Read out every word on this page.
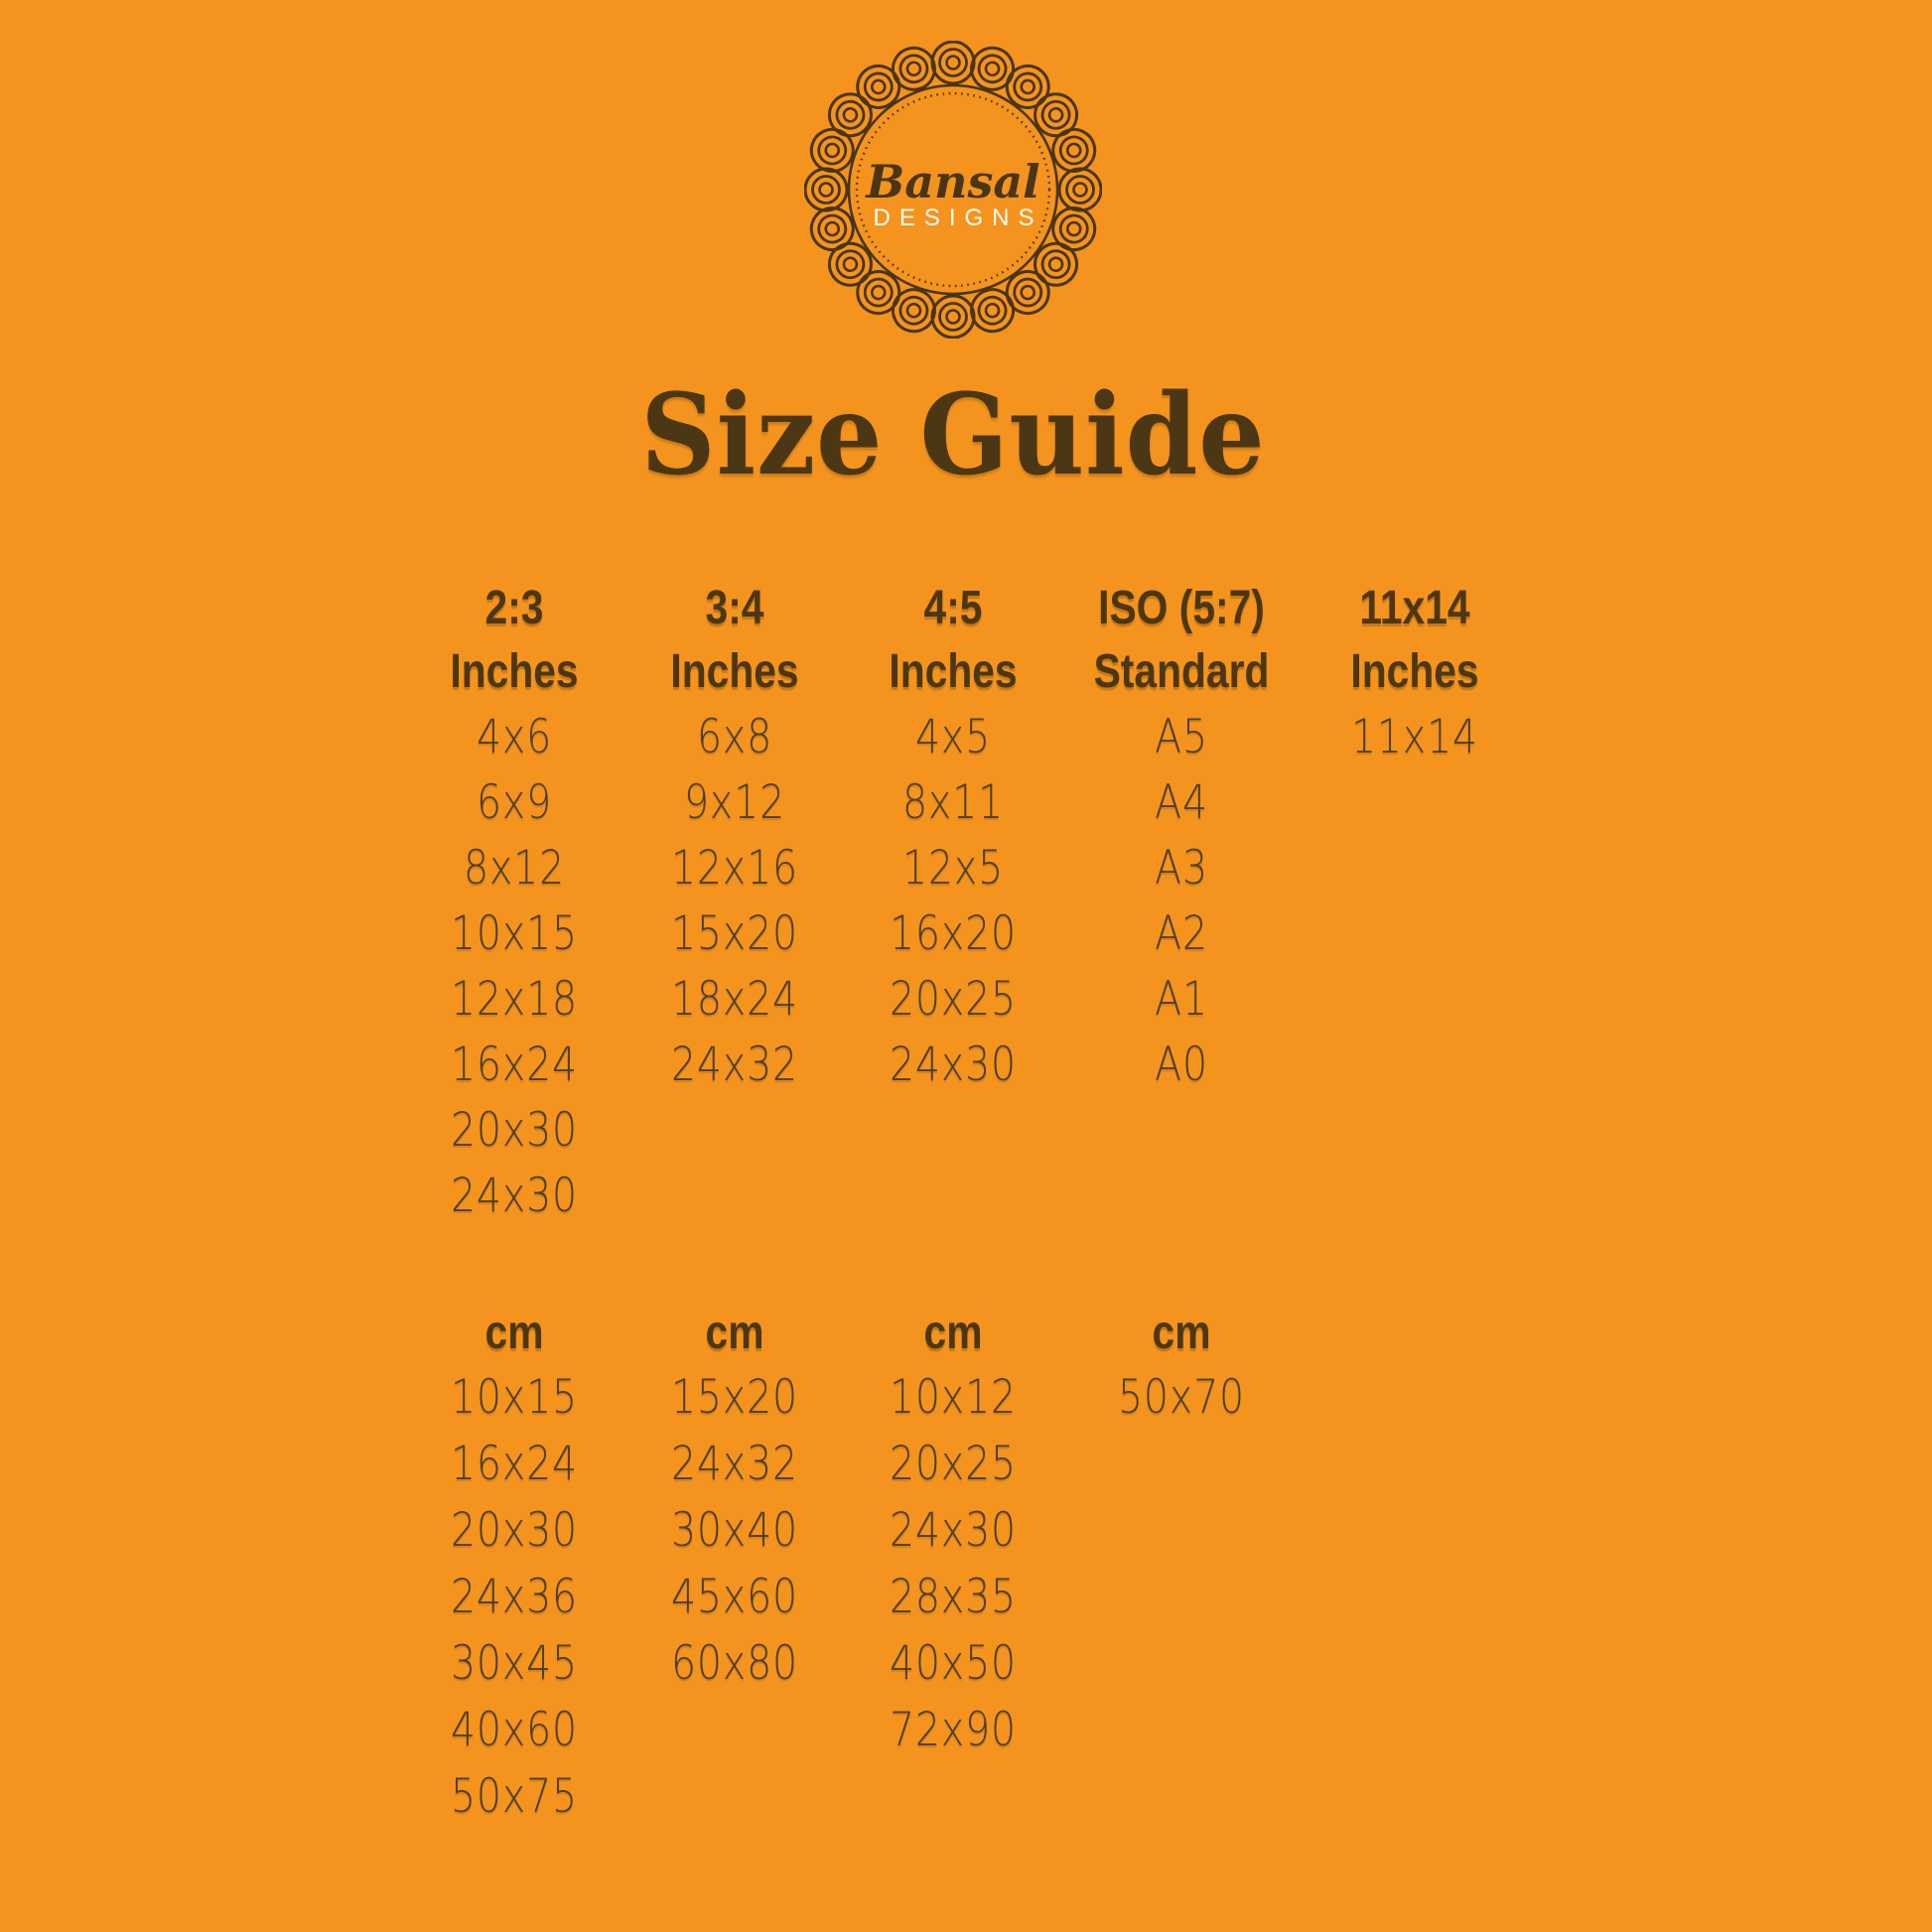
Bansal
DESIGNS
Size Guide
2:3
Inches
4x6
6x9
8x12
10x15
12x18
16x24
20x30
24x30
3:4
Inches
6x8
9x12
12x16
15x20
18x24
24x32
4:5
Inches
4x5
8x11
12x5
16x20
20x25
24x30
ISO (5:7)
Standard
A5
A4
A3
A2
A1
A0
11x14
Inches
11x14
cm
10x15
16x24
20x30
24x36
30x45
40x60
50x75
cm
15x20
24x32
30x40
45x60
60x80
cm
10x12
20x25
24x30
28x35
40x50
72x90
cm
50x70
